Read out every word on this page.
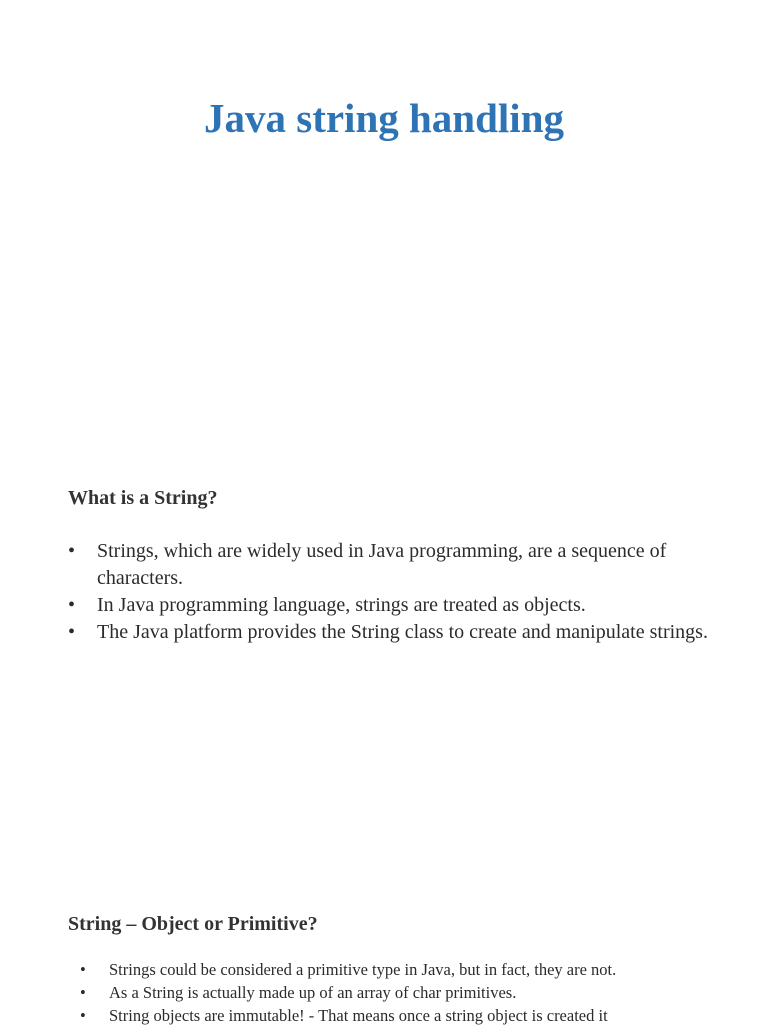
Java string handling
What is a String?
• Strings, which are widely used in Java programming, are a sequence of characters.
• In Java programming language, strings are treated as objects.
• The Java platform provides the String class to create and manipulate strings.
String – Object or Primitive?
• Strings could be considered a primitive type in Java, but in fact, they are not.
• As a String is actually made up of an array of char primitives.
• String objects are immutable! - That means once a string object is created it
